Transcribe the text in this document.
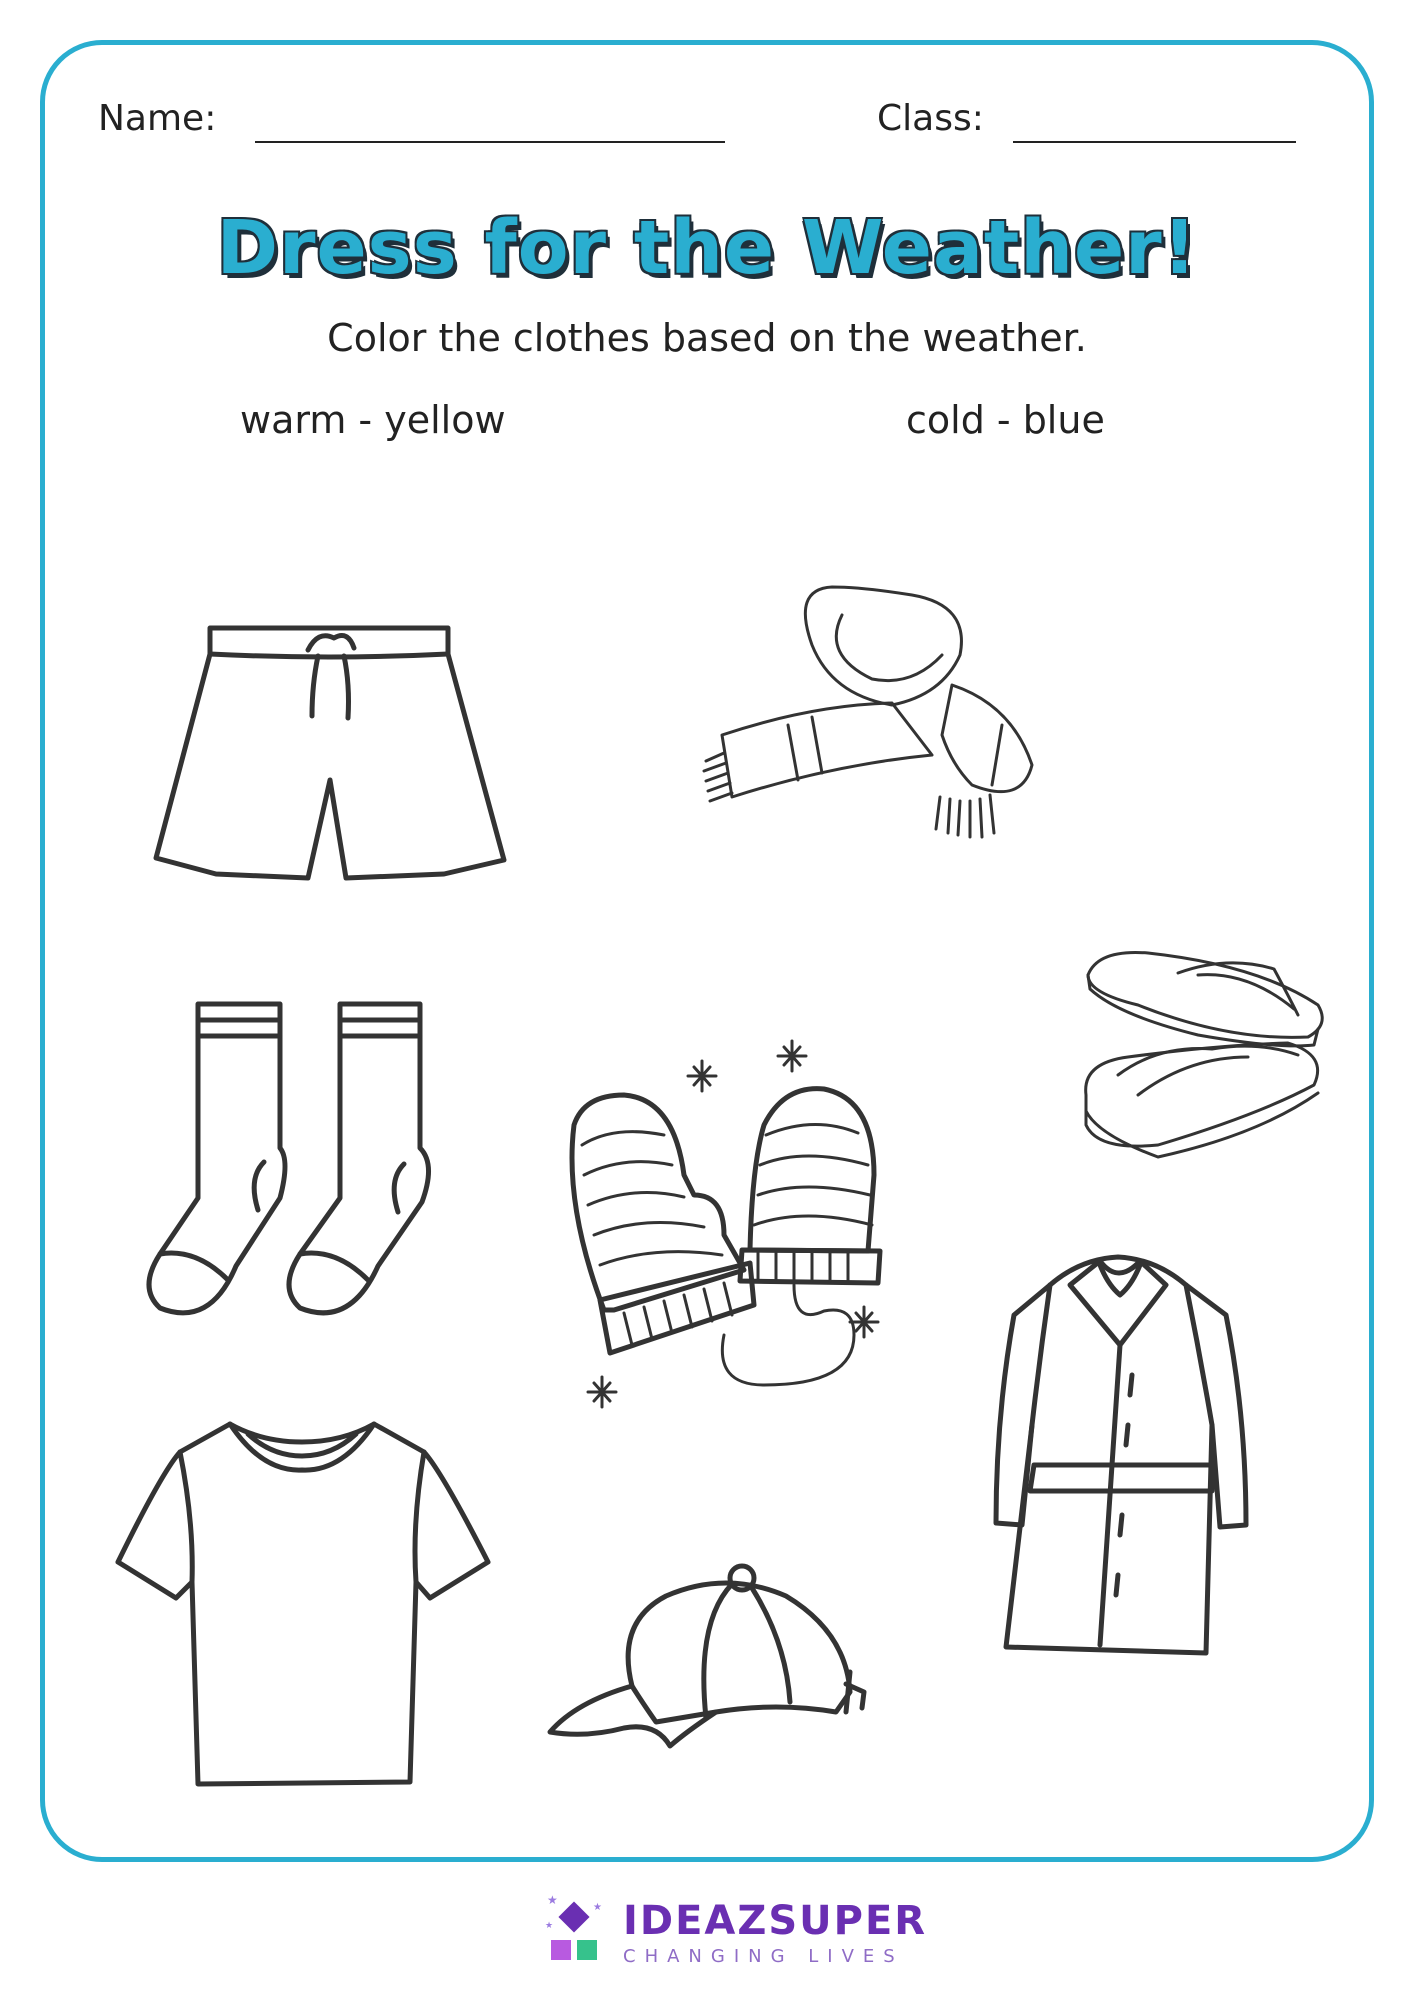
Name:	Class:
Dress for the Weather!
Color the clothes based on the weather.
warm - yellow	cold - blue
★
★
★ IDEAZSUPER
CHANGING LIVES
